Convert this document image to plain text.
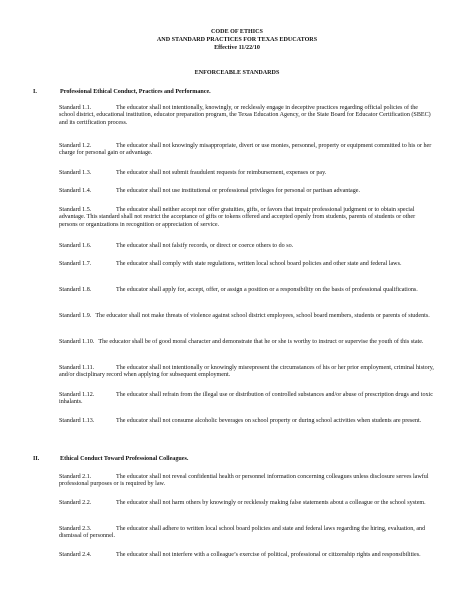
CODE OF ETHICS
AND STANDARD PRACTICES FOR TEXAS EDUCATORS
Effective 11/22/10
ENFORCEABLE STANDARDS
I.	Professional Ethical Conduct, Practices and Performance.
Standard 1.1.	The educator shall not intentionally, knowingly, or recklessly engage in deceptive practices regarding official policies of the school district, educational institution, educator preparation program, the Texas Education Agency, or the State Board for Educator Certification (SBEC) and its certification process.
Standard 1.2.	The educator shall not knowingly misappropriate, divert or use monies, personnel, property or equipment committed to his or her charge for personal gain or advantage.
Standard 1.3.	The educator shall not submit fraudulent requests for reimbursement, expenses or pay.
Standard 1.4.	The educator shall not use institutional or professional privileges for personal or partisan advantage.
Standard 1.5.	The educator shall neither accept nor offer gratuities, gifts, or favors that impair professional judgment or to obtain special advantage. This standard shall not restrict the acceptance of gifts or tokens offered and accepted openly from students, parents of students or other persons or organizations in recognition or appreciation of service.
Standard 1.6.	The educator shall not falsify records, or direct or coerce others to do so.
Standard 1.7.	The educator shall comply with state regulations, written local school board policies and other state and federal laws.
Standard 1.8.	The educator shall apply for, accept, offer, or assign a position or a responsibility on the basis of professional qualifications.
Standard 1.9. The educator shall not make threats of violence against school district employees, school board members, students or parents of students.
Standard 1.10. The educator shall be of good moral character and demonstrate that he or she is worthy to instruct or supervise the youth of this state.
Standard 1.11.	The educator shall not intentionally or knowingly misrepresent the circumstances of his or her prior employment, criminal history, and/or disciplinary record when applying for subsequent employment.
Standard 1.12.	The educator shall refrain from the illegal use or distribution of controlled substances and/or abuse of prescription drugs and toxic inhalants.
Standard 1.13.	The educator shall not consume alcoholic beverages on school property or during school activities when students are present.
II.	Ethical Conduct Toward Professional Colleagues.
Standard 2.1.	The educator shall not reveal confidential health or personnel information concerning colleagues unless disclosure serves lawful professional purposes or is required by law.
Standard 2.2.	The educator shall not harm others by knowingly or recklessly making false statements about a colleague or the school system.
Standard 2.3.	The educator shall adhere to written local school board policies and state and federal laws regarding the hiring, evaluation, and dismissal of personnel.
Standard 2.4.	The educator shall not interfere with a colleague’s exercise of political, professional or citizenship rights and responsibilities.
